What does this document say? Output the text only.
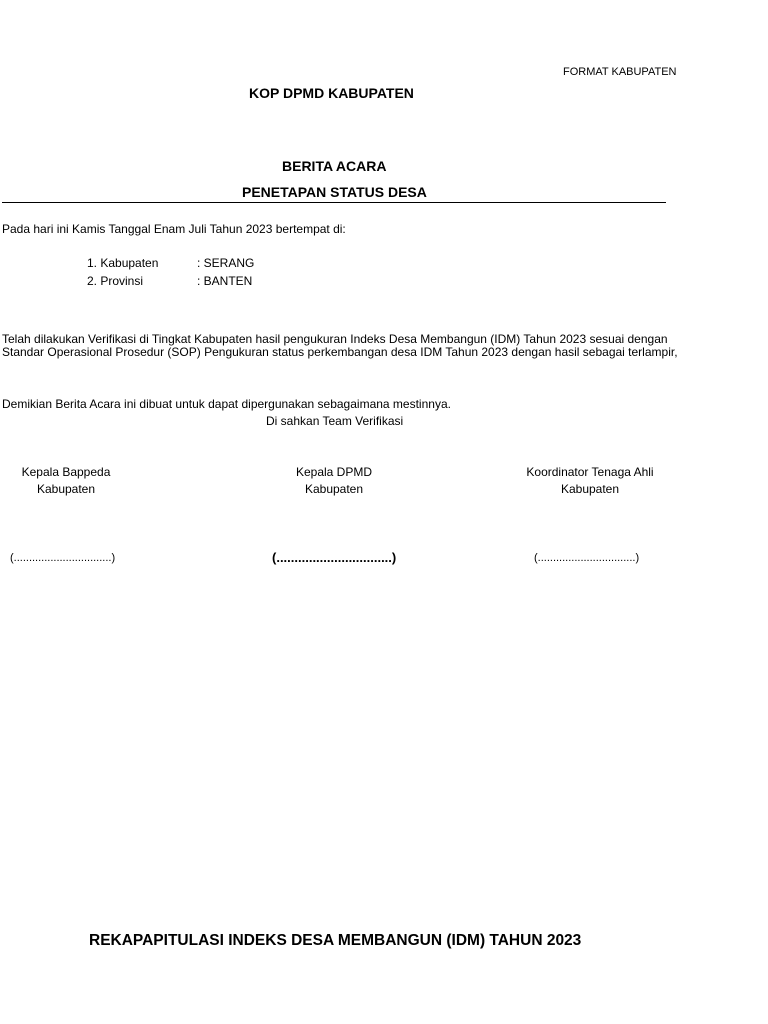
FORMAT KABUPATEN
KOP DPMD KABUPATEN
BERITA ACARA
PENETAPAN STATUS DESA
Pada hari ini Kamis Tanggal Enam Juli Tahun 2023 bertempat di:
1. Kabupaten	: SERANG
2. Provinsi	: BANTEN
Telah dilakukan Verifikasi di Tingkat Kabupaten hasil pengukuran Indeks Desa Membangun (IDM) Tahun 2023 sesuai dengan
Standar Operasional Prosedur (SOP) Pengukuran status perkembangan desa IDM Tahun 2023 dengan hasil sebagai terlampir,
Demikian Berita Acara ini dibuat untuk dapat dipergunakan sebagaimana mestinnya.
Di sahkan Team Verifikasi
Kepala Bappeda
Kabupaten
Kepala DPMD
Kabupaten
Koordinator Tenaga Ahli
Kabupaten
(................................)	(................................)	(................................)
REKAPAPITULASI INDEKS DESA MEMBANGUN (IDM) TAHUN 2023
